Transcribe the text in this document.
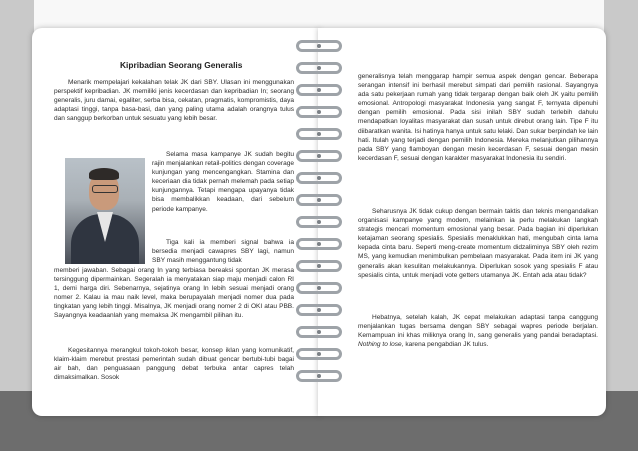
Kipribadian Seorang Generalis

Menarik mempelajari kekalahan telak JK dari SBY. Ulasan ini menggunakan perspektif kepribadian. JK memiliki jenis kecerdasan dan kepribadian In; seorang generalis, juru damai, egaliter, serba bisa, cekatan, pragmatis, kompromistis, daya adaptasi tinggi, tanpa basa-basi, dan yang paling utama adalah orangnya tulus dan sanggup berkorban untuk sesuatu yang lebih besar.

Selama masa kampanye JK sudah begitu rajin menjalankan retail-politics dengan coverage kunjungan yang mencengangkan. Stamina dan keceriaan dia tidak pernah melemah pada setiap kunjungannya. Tetapi mengapa upayanya tidak bisa membalikkan keadaan, dari sebelum periode kampanye.

Tiga kali ia memberi signal bahwa ia bersedia menjadi cawapres SBY lagi, namun SBY masih menggantung tidak

memberi jawaban. Sebagai orang In yang terbiasa bereaksi spontan JK merasa tersinggung dipermainkan. Segeralah ia menyatakan siap maju menjadi calon RI 1, demi harga diri. Sebenarnya, sejatinya orang In lebih sesuai menjadi orang nomer 2. Kalau ia mau naik level, maka berupayalah menjadi nomer dua pada tingkatan yang lebih tinggi. Misalnya, JK menjadi orang nomer 2 di OKI atau PBB. Sayangnya keadaanlah yang memaksa JK mengambil pilihan itu.

Kegesitannya merangkul tokoh-tokoh besar, konsep iklan yang komunikatif, klaim-klaim merebut prestasi pemerintah sudah dibuat gencar bertubi-tubi bagai air bah, dan penguasaan panggung debat terbuka antar capres telah dimaksimalkan. Sosok

58

generalisnya telah menggarap hampir semua aspek dengan gencar. Beberapa serangan intensif ini berhasil merebut simpati dari pemilih rasional. Sayangnya ada satu pekerjaan rumah yang tidak tergarap dengan baik oleh JK yaitu pemilih emosional. Antropologi masyarakat Indonesia yang sangat F, ternyata dipenuhi dengan pemilih emosional. Pada sisi inilah SBY sudah terlebih dahulu mendapatkan loyalitas masyarakat dan susah untuk direbut orang lain. Tipe F itu diibaratkan wanita. Isi hatinya hanya untuk satu lelaki. Dan sukar berpindah ke lain hati. Itulah yang terjadi dengan pemilih Indonesia. Mereka melanjutkan pilihannya pada SBY yang flamboyan dengan mesin kecerdasan F, sesuai dengan mesin kecerdasan F, sesuai dengan karakter masyarakat Indonesia itu sendiri.

Seharusnya JK tidak cukup dengan bermain taktis dan teknis mengandalkan organisasi kampanye yang modern, melainkan ia perlu melakukan langkah strategis mencari momentum emosional yang besar. Pada bagian ini diperlukan ketajaman seorang spesialis. Spesialis menaklukkan hati, mengubah cinta lama kepada cinta baru. Seperti meng-create momentum didzaliminya SBY oleh rezim MS, yang kemudian menimbulkan pembelaan masyarakat. Pada item ini JK yang generalis akan kesulitan melakukannya. Diperlukan sosok yang spesialis F atau spesialis cinta, untuk menjadi vote getters utamanya JK. Entah ada atau tidak?

Hebatnya, setelah kalah, JK cepat melakukan adaptasi tanpa canggung menjalankan tugas bersama dengan SBY sebagai wapres periode berjalan. Kemampuan ini khas miliknya orang In, sang generalis yang pandai beradaptasi. Nothing to lose, karena pengabdian JK tulus.

59
